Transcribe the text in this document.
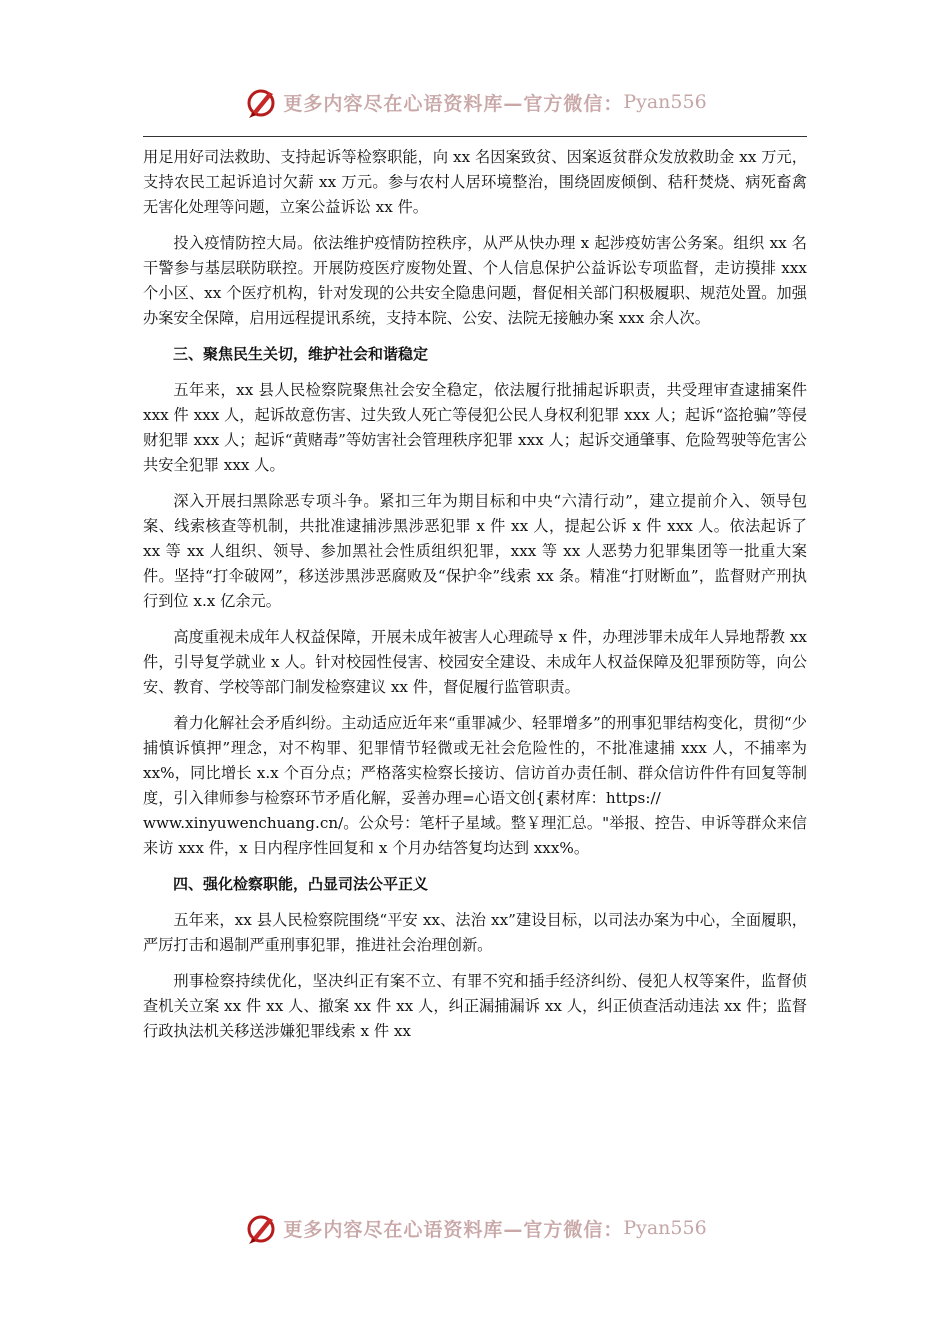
更多内容尽在心语资料库—官方微信： Pyan556

用足用好司法救助、支持起诉等检察职能，向 xx 名因案致贫、因案返贫群众发放救助金 xx 万元，支持农民工起诉追讨欠薪 xx 万元。参与农村人居环境整治，围绕固废倾倒、秸秆焚烧、病死畜禽无害化处理等问题，立案公益诉讼 xx 件。

投入疫情防控大局。依法维护疫情防控秩序，从严从快办理 x 起涉疫妨害公务案。组织 xx 名干警参与基层联防联控。开展防疫医疗废物处置、个人信息保护公益诉讼专项监督，走访摸排 xxx 个小区、xx 个医疗机构，针对发现的公共安全隐患问题，督促相关部门积极履职、规范处置。加强办案安全保障，启用远程提讯系统，支持本院、公安、法院无接触办案 xxx 余人次。

三、聚焦民生关切，维护社会和谐稳定

五年来，xx 县人民检察院聚焦社会安全稳定，依法履行批捕起诉职责，共受理审查逮捕案件 xxx 件 xxx 人，起诉故意伤害、过失致人死亡等侵犯公民人身权利犯罪 xxx 人；起诉“盗抢骗”等侵财犯罪 xxx 人；起诉“黄赌毒”等妨害社会管理秩序犯罪 xxx 人；起诉交通肇事、危险驾驶等危害公共安全犯罪 xxx 人。

深入开展扫黑除恶专项斗争。紧扣三年为期目标和中央“六清行动”，建立提前介入、领导包案、线索核查等机制，共批准逮捕涉黑涉恶犯罪 x 件 xx 人，提起公诉 x 件 xxx 人。依法起诉了 xx 等 xx 人组织、领导、参加黑社会性质组织犯罪，xxx 等 xx 人恶势力犯罪集团等一批重大案件。坚持“打伞破网”，移送涉黑涉恶腐败及“保护伞”线索 xx 条。精准“打财断血”，监督财产刑执行到位 x.x 亿余元。

高度重视未成年人权益保障，开展未成年被害人心理疏导 x 件，办理涉罪未成年人异地帮教 xx 件，引导复学就业 x 人。针对校园性侵害、校园安全建设、未成年人权益保障及犯罪预防等，向公安、教育、学校等部门制发检察建议 xx 件，督促履行监管职责。

着力化解社会矛盾纠纷。主动适应近年来“重罪减少、轻罪增多”的刑事犯罪结构变化，贯彻“少捕慎诉慎押”理念，对不构罪、犯罪情节轻微或无社会危险性的，不批准逮捕 xxx 人，不捕率为 xx%，同比增长 x.x 个百分点；严格落实检察长接访、信访首办责任制、群众信访件件有回复等制度，引入律师参与检察环节矛盾化解，妥善办理=心语文创{素材库：https://

www.xinyuwenchuang.cn/。公众号：笔杆子星域。整￥理汇总。"举报、控告、申诉等群众来信来访 xxx 件，x 日内程序性回复和 x 个月办结答复均达到 xxx%。

四、强化检察职能，凸显司法公平正义

五年来，xx 县人民检察院围绕“平安 xx、法治 xx”建设目标，以司法办案为中心，全面履职，严厉打击和遏制严重刑事犯罪，推进社会治理创新。

刑事检察持续优化，坚决纠正有案不立、有罪不究和插手经济纠纷、侵犯人权等案件，监督侦查机关立案 xx 件 xx 人、撤案 xx 件 xx 人，纠正漏捕漏诉 xx 人，纠正侦查活动违法 xx 件；监督行政执法机关移送涉嫌犯罪线索 x 件 xx

更多内容尽在心语资料库—官方微信： Pyan556
